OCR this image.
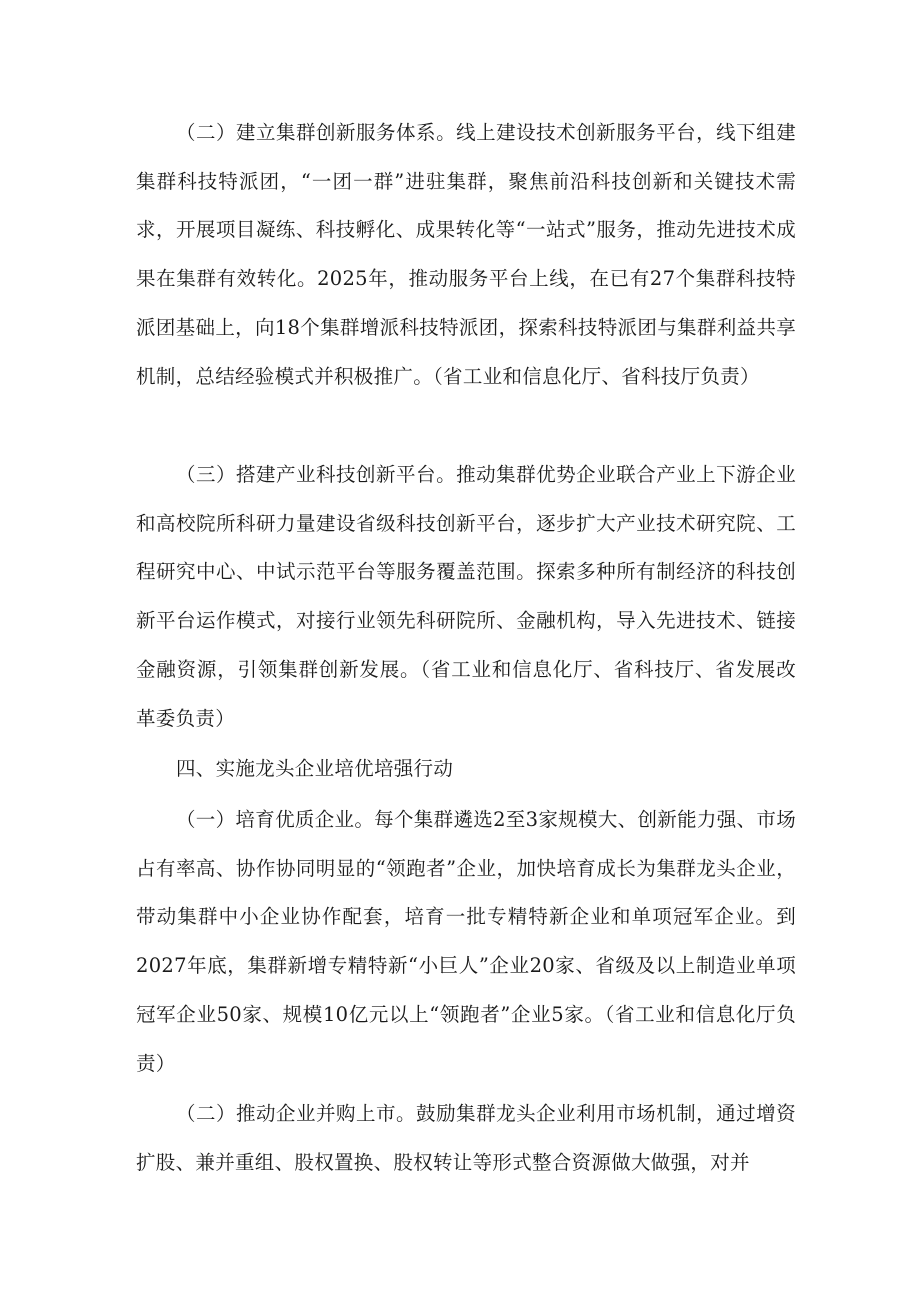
（二）建立集群创新服务体系。线上建设技术创新服务平台，线下组建集群科技特派团，“一团一群”进驻集群，聚焦前沿科技创新和关键技术需求，开展项目凝练、科技孵化、成果转化等“一站式”服务，推动先进技术成果在集群有效转化。2025年，推动服务平台上线，在已有27个集群科技特派团基础上，向18个集群增派科技特派团，探索科技特派团与集群利益共享机制，总结经验模式并积极推广。（省工业和信息化厅、省科技厅负责）

（三）搭建产业科技创新平台。推动集群优势企业联合产业上下游企业和高校院所科研力量建设省级科技创新平台，逐步扩大产业技术研究院、工程研究中心、中试示范平台等服务覆盖范围。探索多种所有制经济的科技创新平台运作模式，对接行业领先科研院所、金融机构，导入先进技术、链接金融资源，引领集群创新发展。（省工业和信息化厅、省科技厅、省发展改革委负责）

四、实施龙头企业培优培强行动

（一）培育优质企业。每个集群遴选2至3家规模大、创新能力强、市场占有率高、协作协同明显的“领跑者”企业，加快培育成长为集群龙头企业，带动集群中小企业协作配套，培育一批专精特新企业和单项冠军企业。到2027年底，集群新增专精特新“小巨人”企业20家、省级及以上制造业单项冠军企业50家、规模10亿元以上“领跑者”企业5家。（省工业和信息化厅负责）

（二）推动企业并购上市。鼓励集群龙头企业利用市场机制，通过增资扩股、兼并重组、股权置换、股权转让等形式整合资源做大做强，对并
